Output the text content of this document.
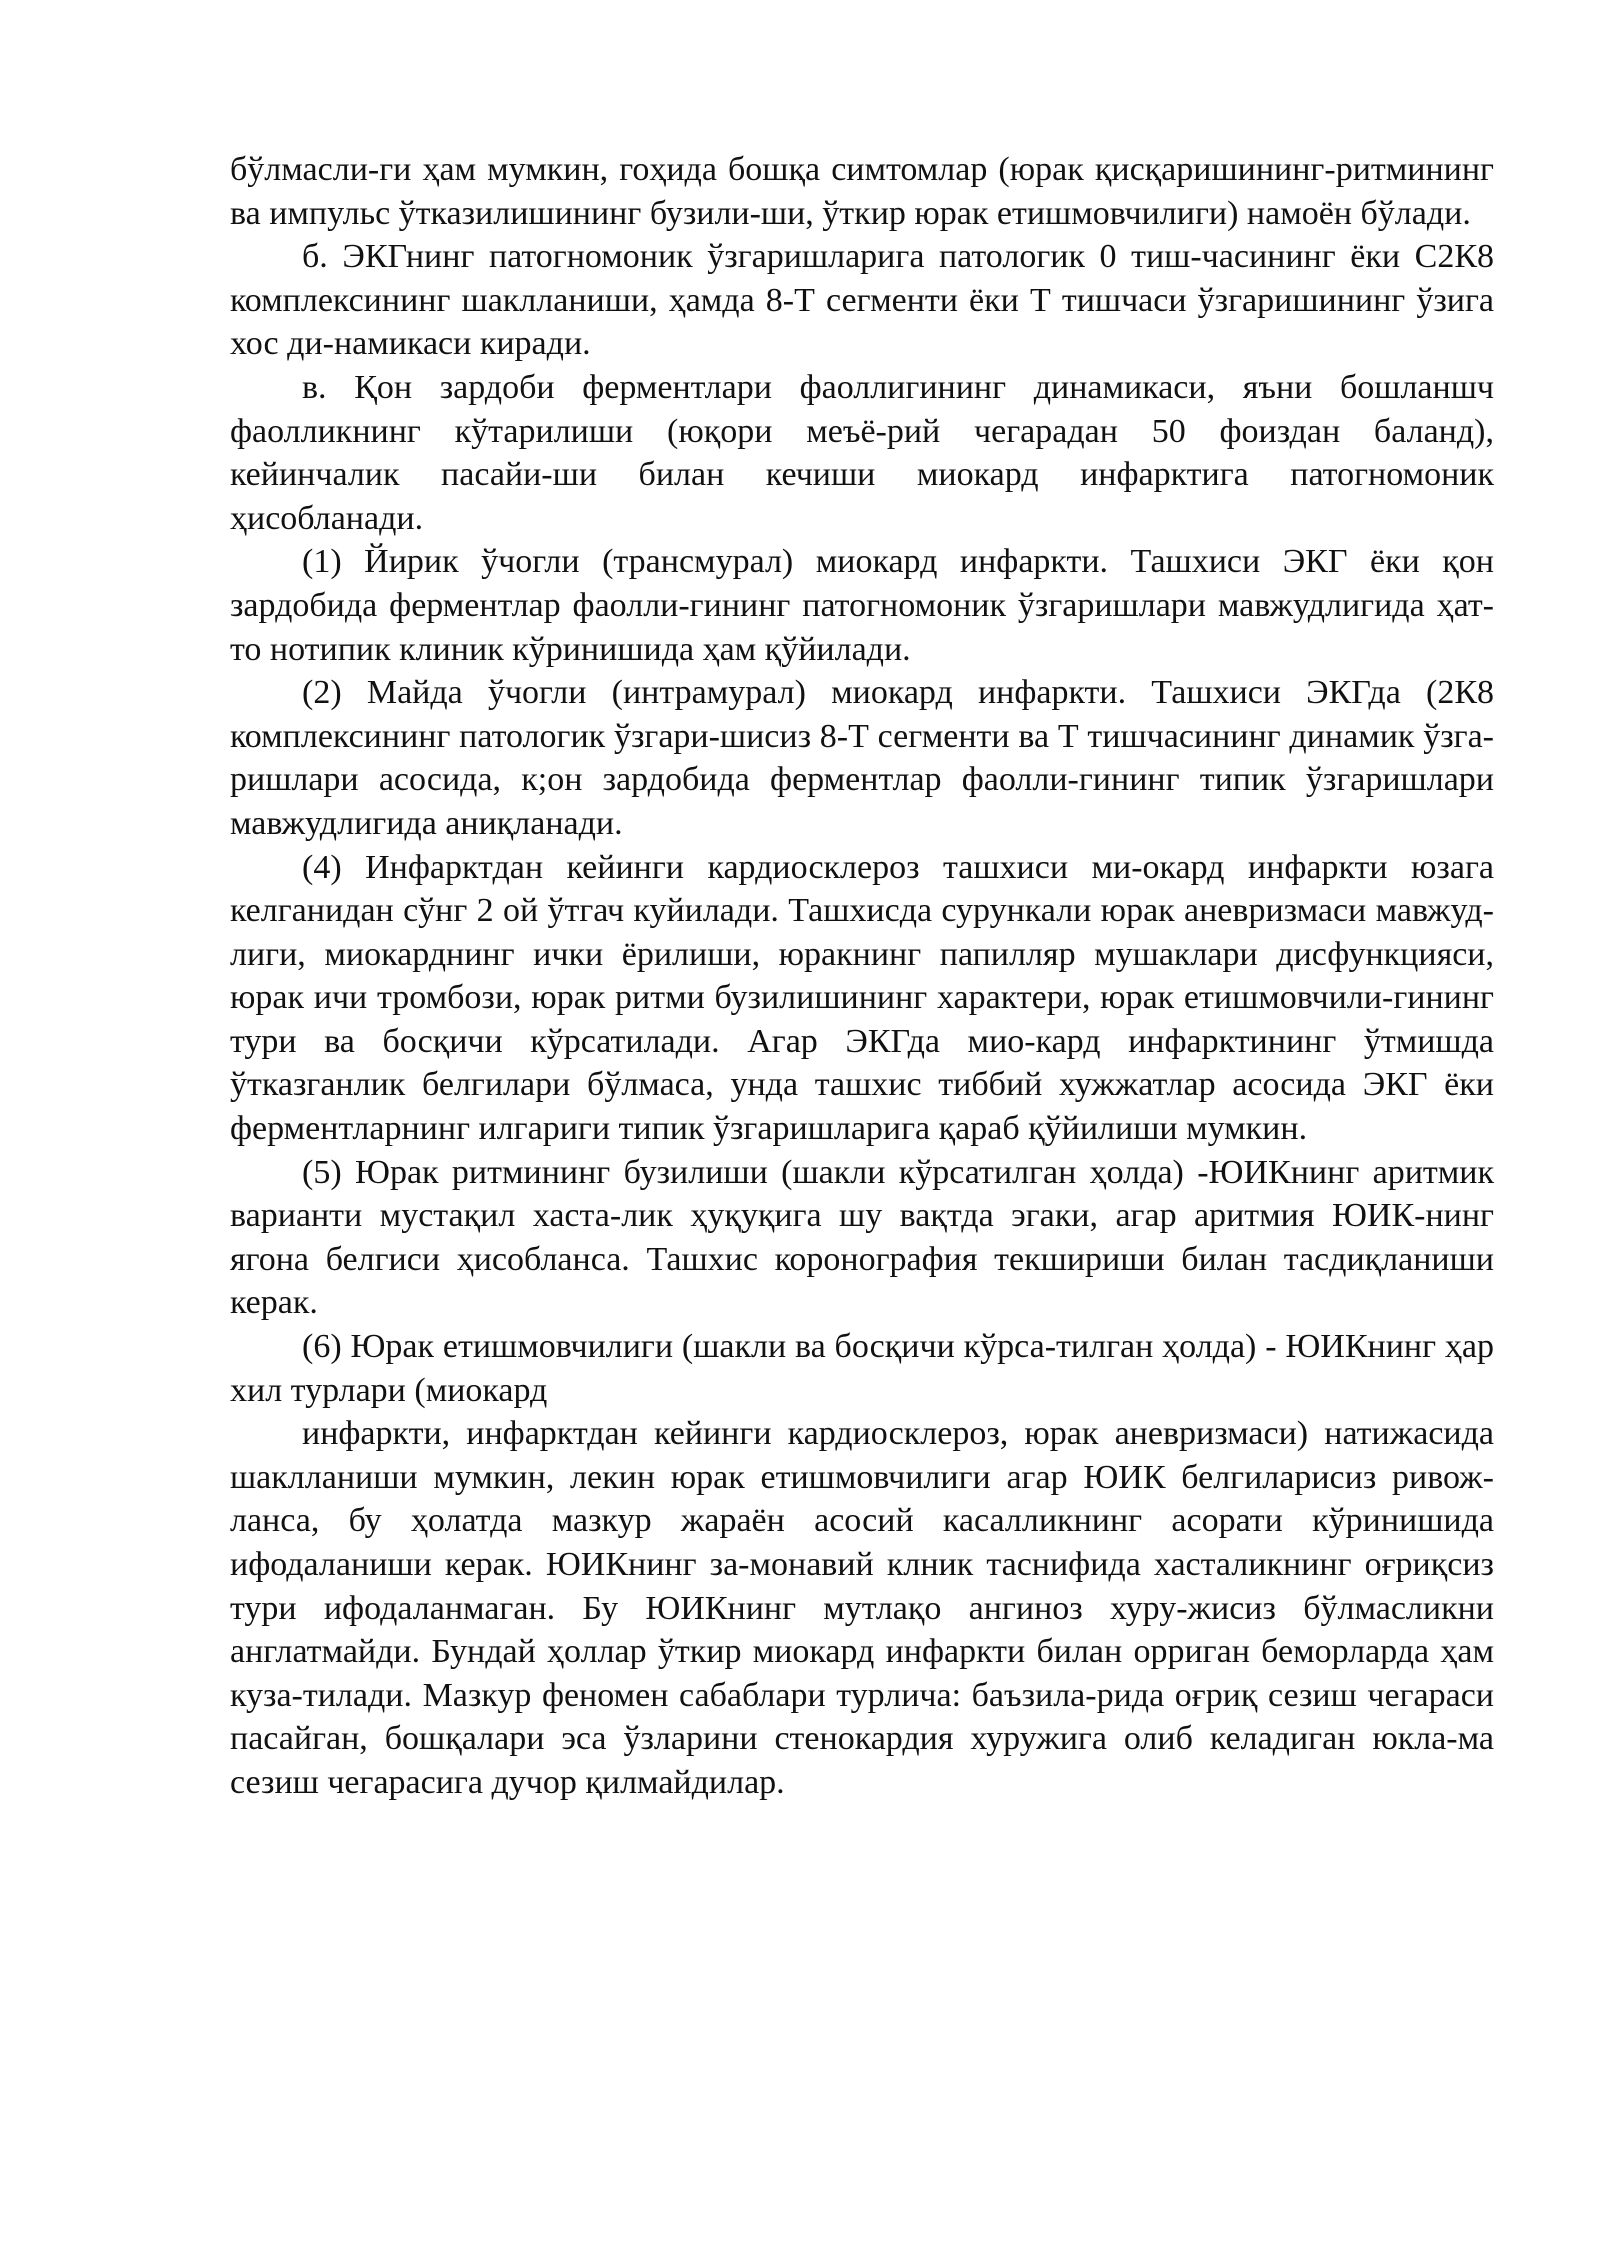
бўлмасли-ги ҳам мумкин, гоҳида бошқа симтомлар (юрак қисқаришининг-ритмининг ва импульс ўтказилишининг бузили-ши, ўткир юрак етишмовчилиги) намоён бўлади.

б. ЭКГнинг патогномоник ўзгаришларига патологик 0 тиш-часининг ёки С2К8 комплексининг шаклланиши, ҳамда 8-Т сегменти ёки Т тишчаси ўзгаришининг ўзига хос ди-намикаси киради.

в. Қон зардоби ферментлари фаоллигининг динамикаси, яъни бошланшч фаолликнинг кўтарилиши (юқори меъё-рий чегарадан 50 фоиздан баланд), кейинчалик пасайи-ши билан кечиши миокард инфарктига патогномоник ҳисобланади.

(1) Йирик ўчогли (трансмурал) миокард инфаркти. Ташхиси ЭКГ ёки қон зардобида ферментлар фаолли-гининг патогномоник ўзгаришлари мавжудлигида ҳат-то нотипик клиник кўринишида ҳам қўйилади.

(2) Майда ўчогли (интрамурал) миокард инфаркти. Ташхиси ЭКГда (2К8 комплексининг патологик ўзгари-шисиз 8-Т сегменти ва Т тишчасининг динамик ўзга-ришлари асосида, к;он зардобида ферментлар фаолли-гининг типик ўзгаришлари мавжудлигида аниқланади.

(4) Инфарктдан кейинги кардиосклероз ташхиси ми-окард инфаркти юзага келганидан сўнг 2 ой ўтгач куйилади. Ташхисда сурункали юрак аневризмаси мавжуд-лиги, миокарднинг ички ёрилиши, юракнинг папилляр мушаклари дисфункцияси, юрак ичи тромбози, юрак ритми бузилишининг характери, юрак етишмовчили-гининг тури ва босқичи кўрсатилади. Агар ЭКГда мио-кард инфарктининг ўтмишда ўтказганлик белгилари бўлмаса, унда ташхис тиббий хужжатлар асосида ЭКГ ёки ферментларнинг илгариги типик ўзгаришларига қараб қўйилиши мумкин.

(5) Юрак ритмининг бузилиши (шакли кўрсатилган ҳолда) -ЮИКнинг аритмик варианти мустақил хаста-лик ҳуқуқига шу вақтда эгаки, агар аритмия ЮИК-нинг ягона белгиси ҳисобланса. Ташхис коронография текшириши билан тасдиқланиши керак.

(6) Юрак етишмовчилиги (шакли ва босқичи кўрса-тилган ҳолда) - ЮИКнинг ҳар хил турлари (миокард

инфаркти, инфарктдан кейинги кардиосклероз, юрак аневризмаси) натижасида шаклланиши мумкин, лекин юрак етишмовчилиги агар ЮИК белгиларисиз ривож-ланса, бу ҳолатда мазкур жараён асосий касалликнинг асорати кўринишида ифодаланиши керак. ЮИКнинг за-монавий клник таснифида хасталикнинг оғриқсиз тури ифодаланмаган. Бу ЮИКнинг мутлақо ангиноз хуру-жисиз бўлмасликни англатмайди. Бундай ҳоллар ўткир миокард инфаркти билан орриган беморларда ҳам куза-тилади. Мазкур феномен сабаблари турлича: баъзила-рида оғриқ сезиш чегараси пасайган, бошқалари эса ўзларини стенокардия хуружига олиб келадиган юкла-ма сезиш чегарасига дучор қилмайдилар.
